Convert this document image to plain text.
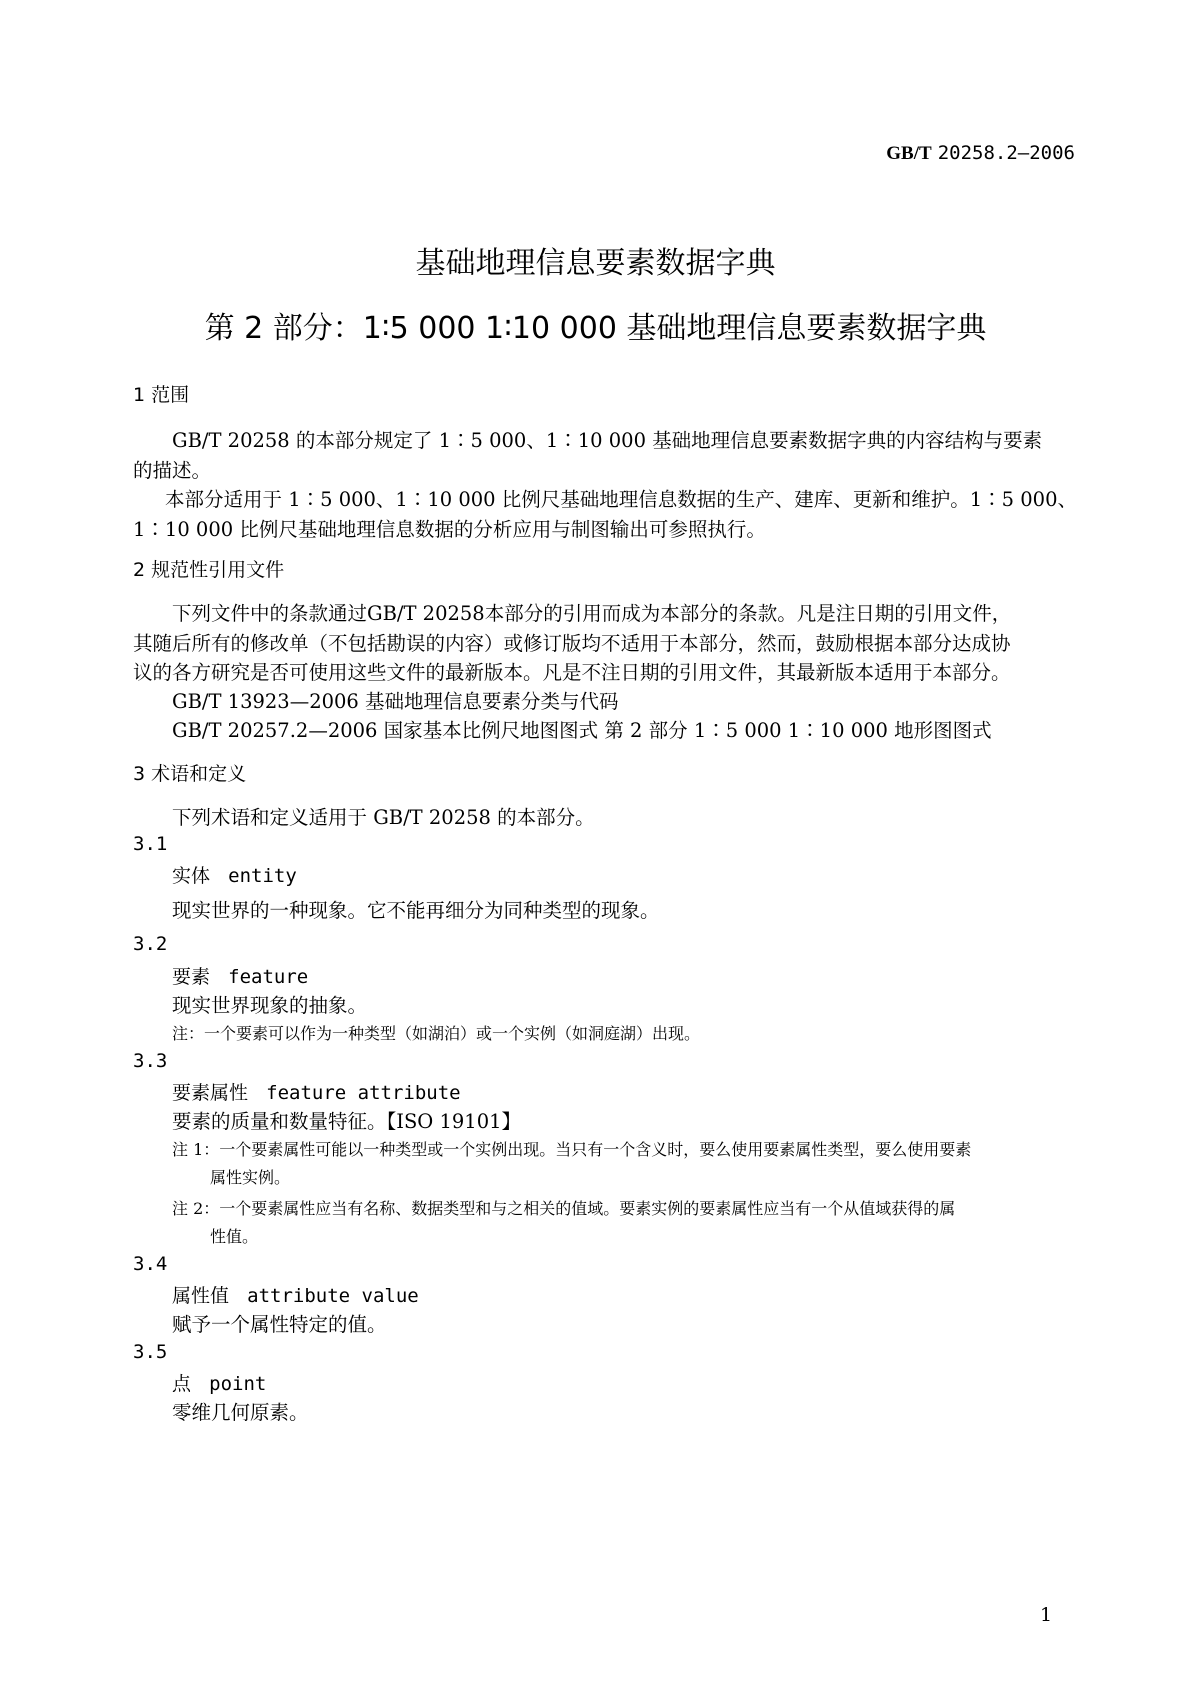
GB/T 20258.2—2006
基础地理信息要素数据字典
第 2 部分：1∶5 000 1∶10 000 基础地理信息要素数据字典
1 范围
GB/T 20258 的本部分规定了 1∶5 000、1∶10 000 基础地理信息要素数据字典的内容结构与要素
的描述。
本部分适用于 1∶5 000、1∶10 000 比例尺基础地理信息数据的生产、建库、更新和维护。1∶5 000、
1∶10 000 比例尺基础地理信息数据的分析应用与制图输出可参照执行。
2 规范性引用文件
下列文件中的条款通过GB/T 20258本部分的引用而成为本部分的条款。凡是注日期的引用文件，
其随后所有的修改单（不包括勘误的内容）或修订版均不适用于本部分，然而，鼓励根据本部分达成协
议的各方研究是否可使用这些文件的最新版本。凡是不注日期的引用文件，其最新版本适用于本部分。
GB/T 13923—2006 基础地理信息要素分类与代码
GB/T 20257.2—2006 国家基本比例尺地图图式 第 2 部分 1∶5 000 1∶10 000 地形图图式
3 术语和定义
下列术语和定义适用于 GB/T 20258 的本部分。
3.1
实体 entity
现实世界的一种现象。它不能再细分为同种类型的现象。
3.2
要素 feature
现实世界现象的抽象。
注：一个要素可以作为一种类型（如湖泊）或一个实例（如洞庭湖）出现。
3.3
要素属性 feature attribute
要素的质量和数量特征。【ISO 19101】
注 1：一个要素属性可能以一种类型或一个实例出现。当只有一个含义时，要么使用要素属性类型，要么使用要素
属性实例。
注 2：一个要素属性应当有名称、数据类型和与之相关的值域。要素实例的要素属性应当有一个从值域获得的属
性值。
3.4
属性值 attribute value
赋予一个属性特定的值。
3.5
点 point
零维几何原素。
1
